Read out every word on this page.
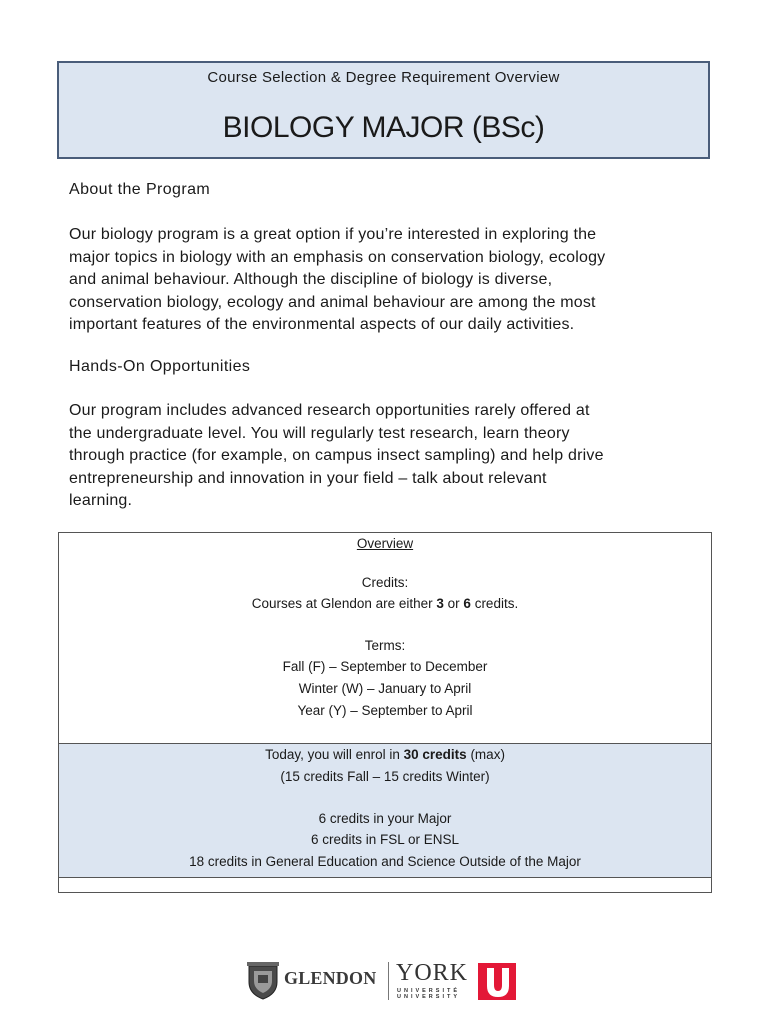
Course Selection & Degree Requirement Overview
BIOLOGY MAJOR (BSc)
About the Program
Our biology program is a great option if you’re interested in exploring the
major topics in biology with an emphasis on conservation biology, ecology
and animal behaviour. Although the discipline of biology is diverse,
conservation biology, ecology and animal behaviour are among the most
important features of the environmental aspects of our daily activities.
Hands-On Opportunities
Our program includes advanced research opportunities rarely offered at
the undergraduate level. You will regularly test research, learn theory
through practice (for example, on campus insect sampling) and help drive
entrepreneurship and innovation in your field – talk about relevant
learning.
Overview
Credits:
Courses at Glendon are either 3 or 6 credits.
Terms:
Fall (F) – September to December
Winter (W) – January to April
Year (Y) – September to April
Today, you will enrol in 30 credits (max)
(15 credits Fall – 15 credits Winter)
6 credits in your Major
6 credits in FSL or ENSL
18 credits in General Education and Science Outside of the Major
GLENDON YORK
UNIVERSITÉ UNIVERSITY
